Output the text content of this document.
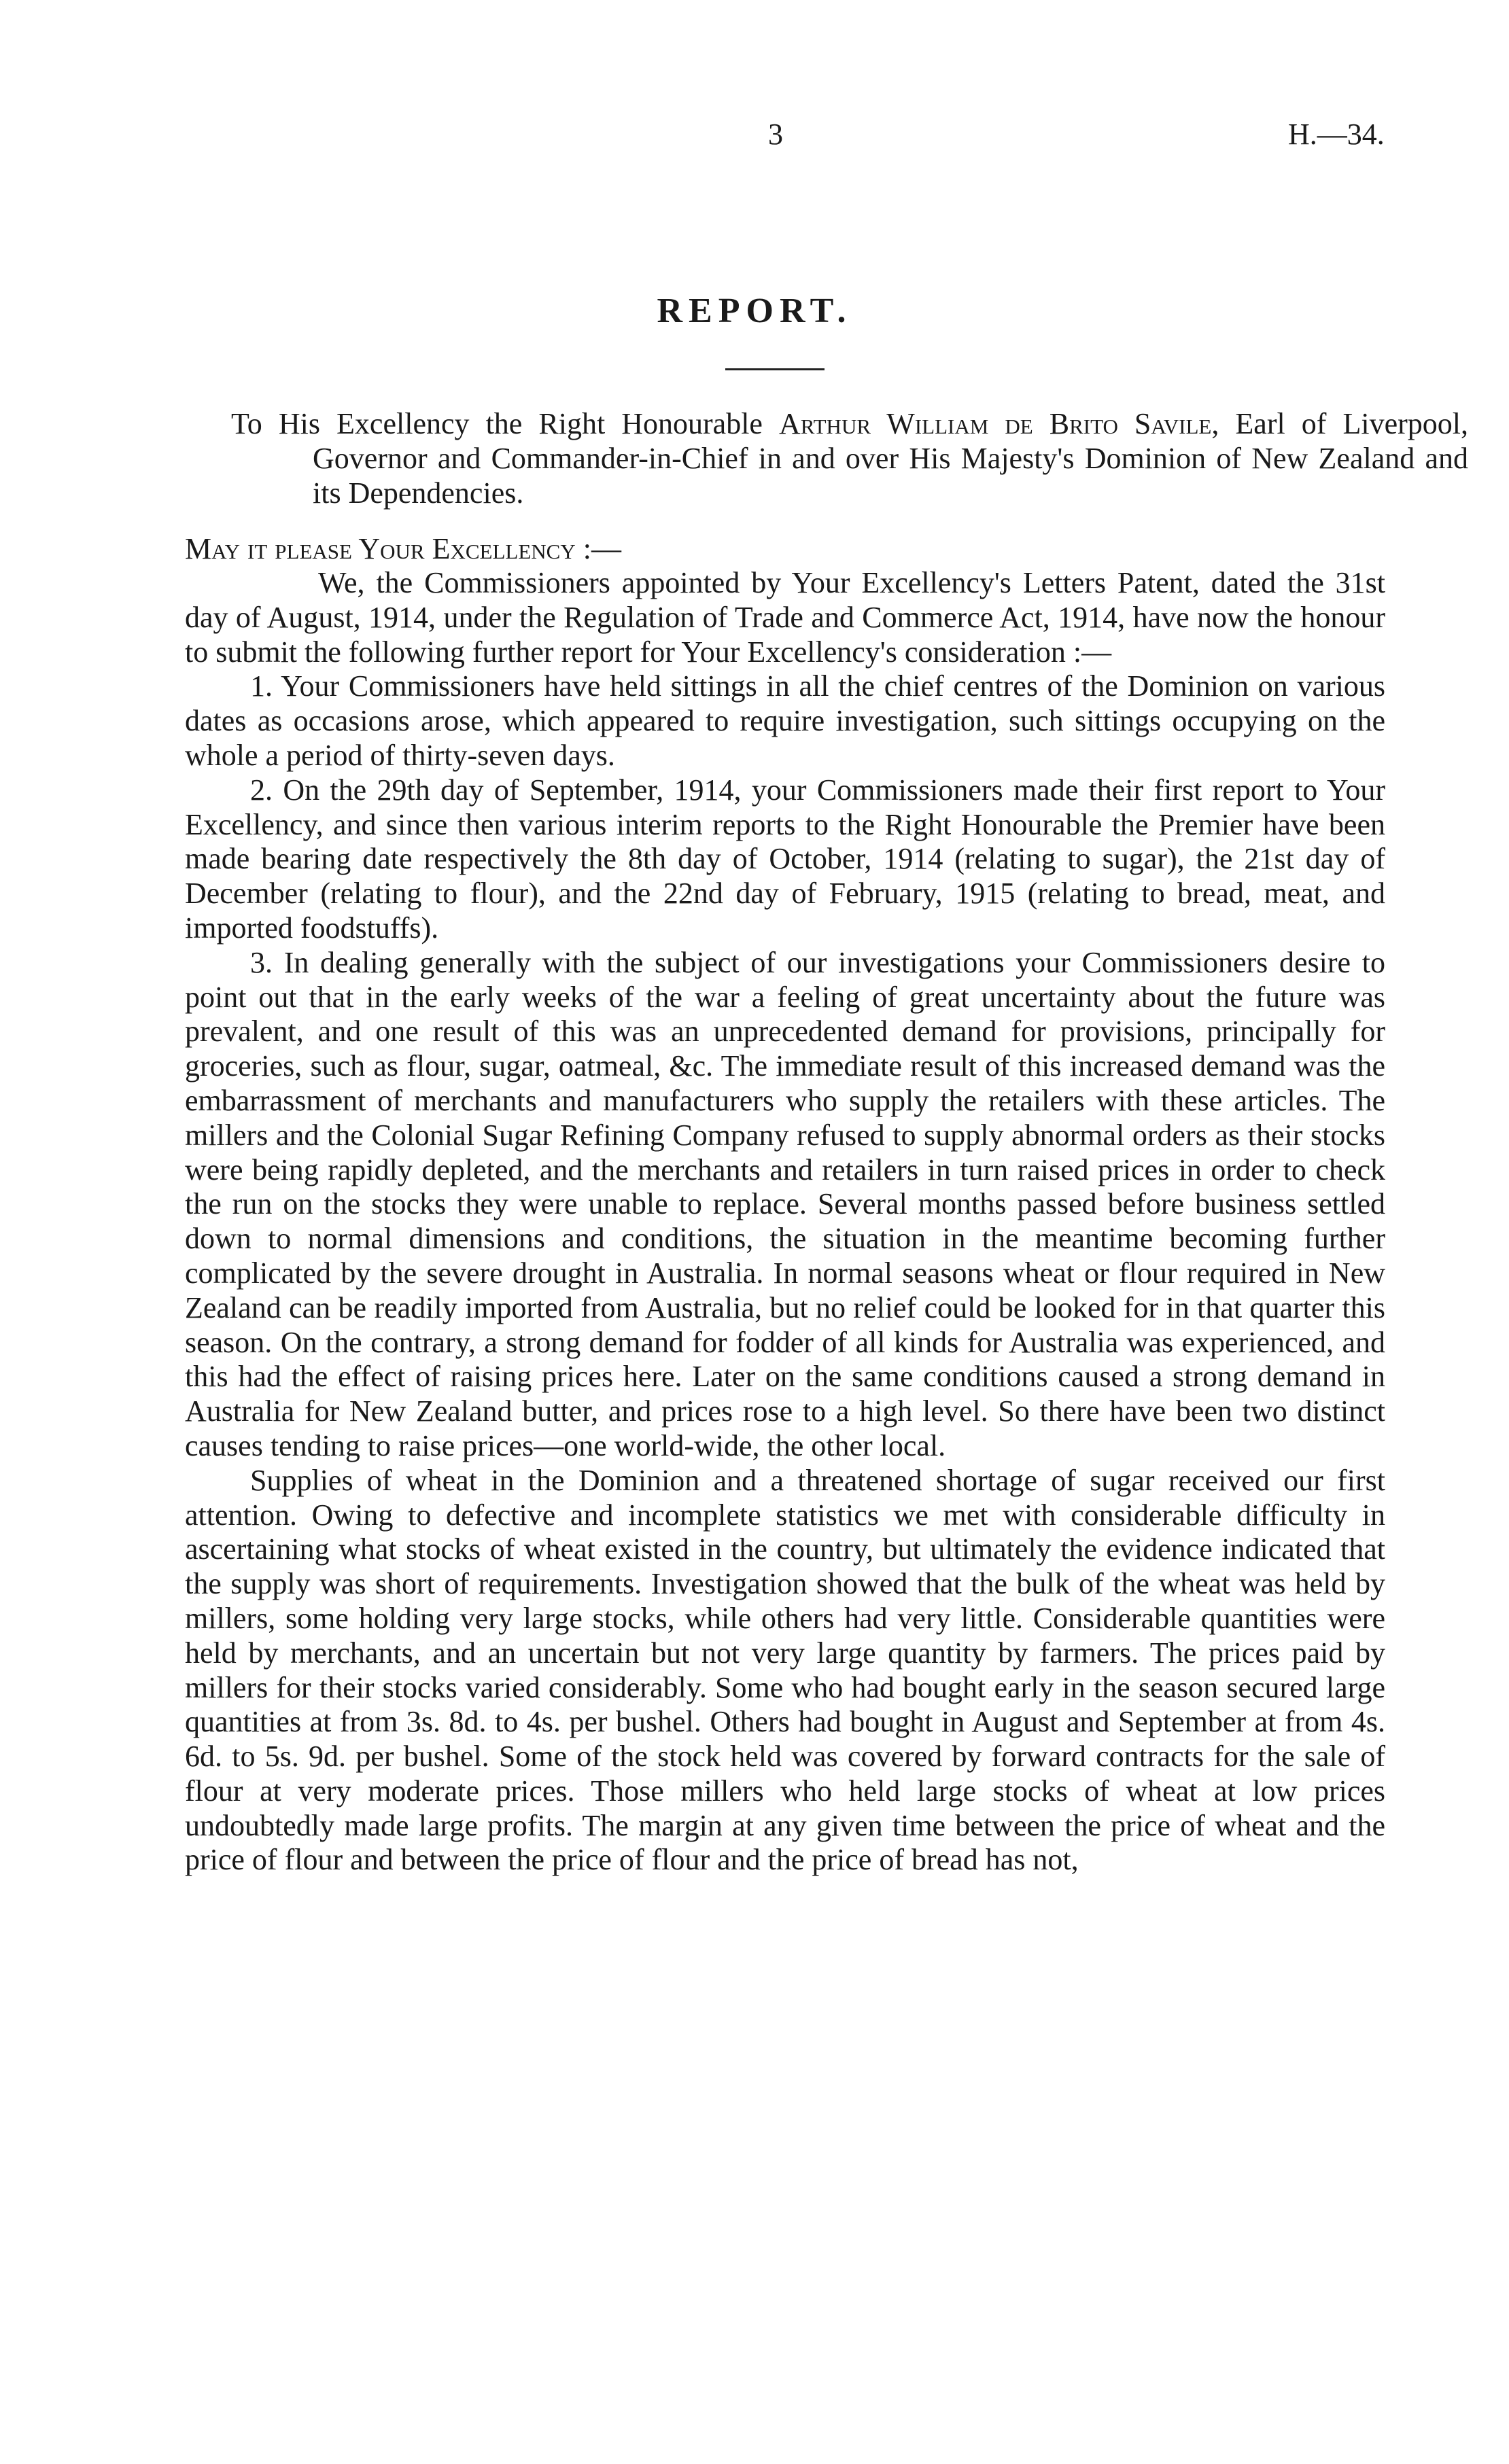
3	H.—34.
REPORT.
To His Excellency the Right Honourable Arthur William de Brito Savile, Earl of Liverpool, Governor and Commander-in-Chief in and over His Majesty's Dominion of New Zealand and its Dependencies.
May it please Your Excellency :—

We, the Commissioners appointed by Your Excellency's Letters Patent, dated the 31st day of August, 1914, under the Regulation of Trade and Commerce Act, 1914, have now the honour to submit the following further report for Your Excellency's consideration :—

1. Your Commissioners have held sittings in all the chief centres of the Dominion on various dates as occasions arose, which appeared to require investigation, such sittings occupying on the whole a period of thirty-seven days.

2. On the 29th day of September, 1914, your Commissioners made their first report to Your Excellency, and since then various interim reports to the Right Honourable the Premier have been made bearing date respectively the 8th day of October, 1914 (relating to sugar), the 21st day of December (relating to flour), and the 22nd day of February, 1915 (relating to bread, meat, and imported foodstuffs).

3. In dealing generally with the subject of our investigations your Commissioners desire to point out that in the early weeks of the war a feeling of great uncertainty about the future was prevalent, and one result of this was an unprecedented demand for provisions, principally for groceries, such as flour, sugar, oatmeal, &c. The immediate result of this increased demand was the embarrassment of merchants and manufacturers who supply the retailers with these articles. The millers and the Colonial Sugar Refining Company refused to supply abnormal orders as their stocks were being rapidly depleted, and the merchants and retailers in turn raised prices in order to check the run on the stocks they were unable to replace. Several months passed before business settled down to normal dimensions and conditions, the situation in the meantime becoming further complicated by the severe drought in Australia. In normal seasons wheat or flour required in New Zealand can be readily imported from Australia, but no relief could be looked for in that quarter this season. On the contrary, a strong demand for fodder of all kinds for Australia was experienced, and this had the effect of raising prices here. Later on the same conditions caused a strong demand in Australia for New Zealand butter, and prices rose to a high level. So there have been two distinct causes tending to raise prices—one world-wide, the other local.

Supplies of wheat in the Dominion and a threatened shortage of sugar received our first attention. Owing to defective and incomplete statistics we met with considerable difficulty in ascertaining what stocks of wheat existed in the country, but ultimately the evidence indicated that the supply was short of requirements. Investigation showed that the bulk of the wheat was held by millers, some holding very large stocks, while others had very little. Considerable quantities were held by merchants, and an uncertain but not very large quantity by farmers. The prices paid by millers for their stocks varied considerably. Some who had bought early in the season secured large quantities at from 3s. 8d. to 4s. per bushel. Others had bought in August and September at from 4s. 6d. to 5s. 9d. per bushel. Some of the stock held was covered by forward contracts for the sale of flour at very moderate prices. Those millers who held large stocks of wheat at low prices undoubtedly made large profits. The margin at any given time between the price of wheat and the price of flour and between the price of flour and the price of bread has not,
